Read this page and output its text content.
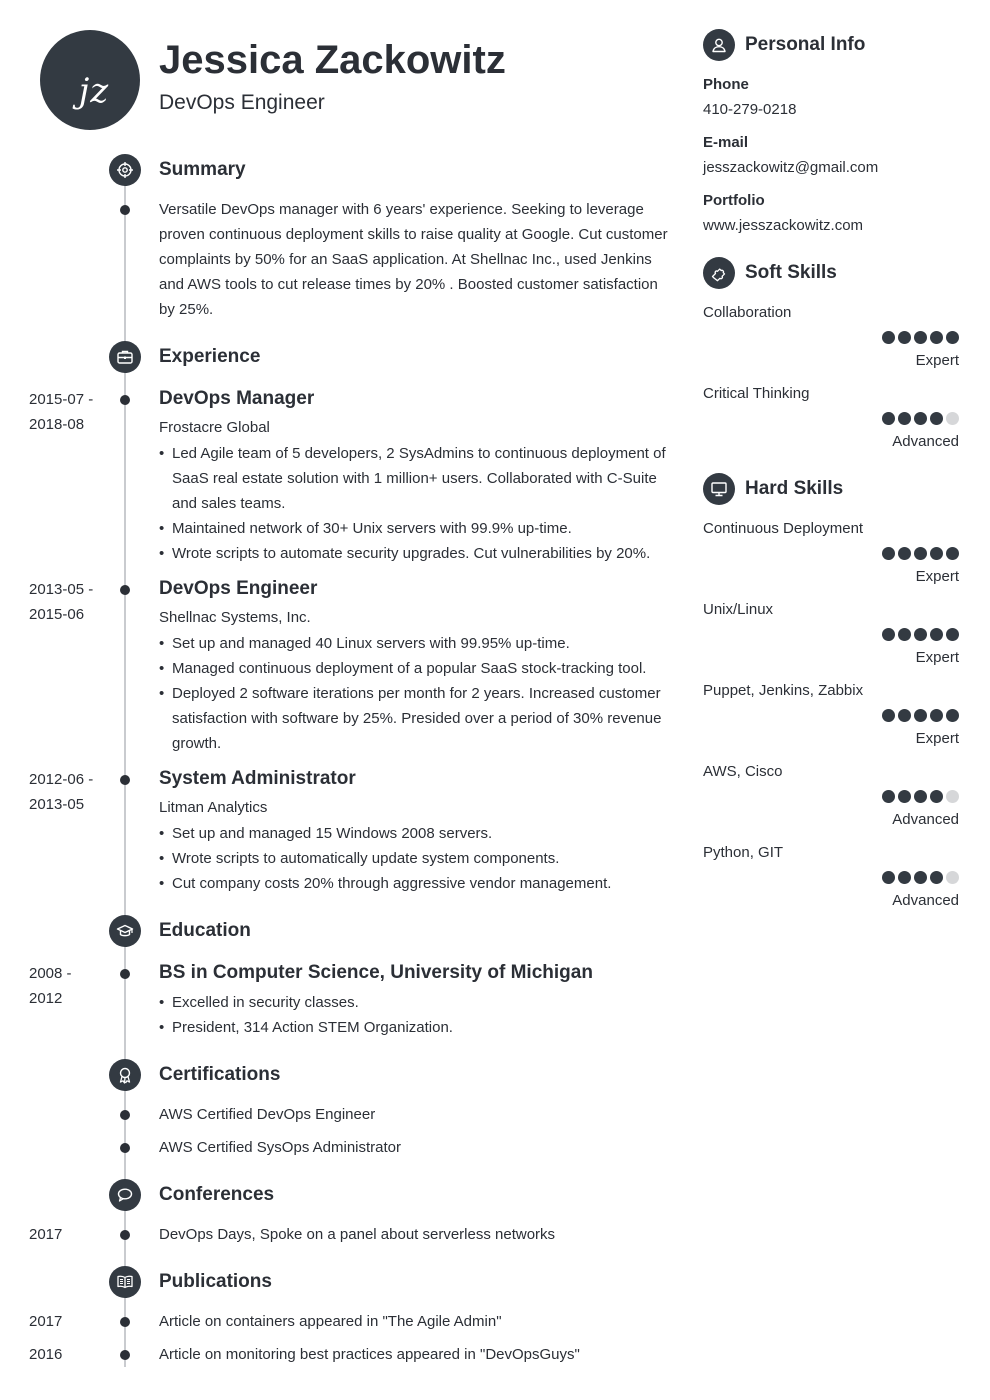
jz
Jessica Zackowitz
DevOps Engineer
Summary
Versatile DevOps manager with 6 years' experience. Seeking to leverage proven continuous deployment skills to raise quality at Google. Cut customer complaints by 50% for an SaaS application. At Shellnac Inc., used Jenkins and AWS tools to cut release times by 20% . Boosted customer satisfaction by 25%.
Experience
2015-07 -
2018-08
DevOps Manager
Frostacre Global
• Led Agile team of 5 developers, 2 SysAdmins to continuous deployment of SaaS real estate solution with 1 million+ users. Collaborated with C-Suite and sales teams.
• Maintained network of 30+ Unix servers with 99.9% up-time.
• Wrote scripts to automate security upgrades. Cut vulnerabilities by 20%.
2013-05 -
2015-06
DevOps Engineer
Shellnac Systems, Inc.
• Set up and managed 40 Linux servers with 99.95% up-time.
• Managed continuous deployment of a popular SaaS stock-tracking tool.
• Deployed 2 software iterations per month for 2 years. Increased customer satisfaction with software by 25%. Presided over a period of 30% revenue growth.
2012-06 -
2013-05
System Administrator
Litman Analytics
• Set up and managed 15 Windows 2008 servers.
• Wrote scripts to automatically update system components.
• Cut company costs 20% through aggressive vendor management.
Education
2008 -
2012
BS in Computer Science, University of Michigan
• Excelled in security classes.
• President, 314 Action STEM Organization.
Certifications
AWS Certified DevOps Engineer
AWS Certified SysOps Administrator
Conferences
2017	DevOps Days, Spoke on a panel about serverless networks
Publications
2017	Article on containers appeared in "The Agile Admin"
2016	Article on monitoring best practices appeared in "DevOpsGuys"
Personal Info
Phone
410-279-0218
E-mail
jesszackowitz@gmail.com
Portfolio
www.jesszackowitz.com
Soft Skills
Collaboration
Expert
Critical Thinking
Advanced
Hard Skills
Continuous Deployment
Expert
Unix/Linux
Expert
Puppet, Jenkins, Zabbix
Expert
AWS, Cisco
Advanced
Python, GIT
Advanced
